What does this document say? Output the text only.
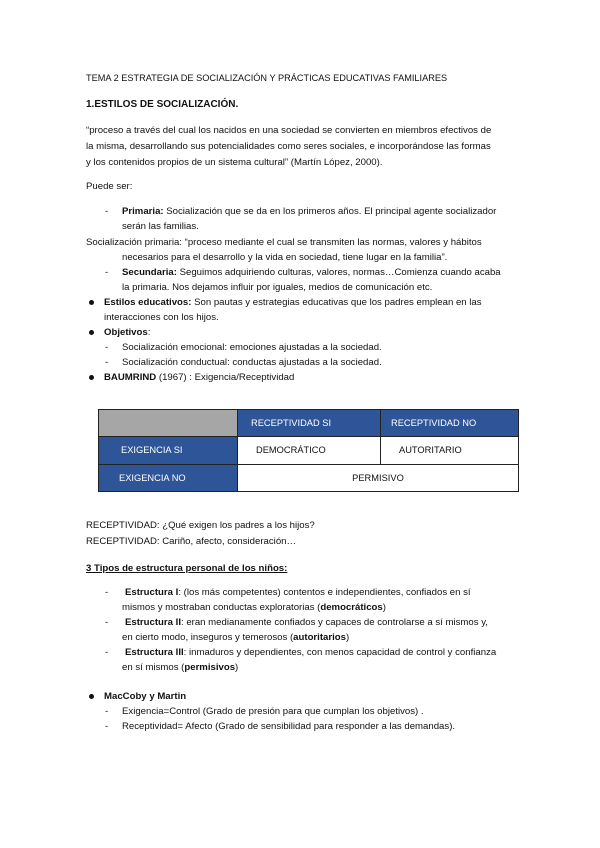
TEMA 2 ESTRATEGIA DE SOCIALIZACIÓN Y PRÁCTICAS EDUCATIVAS FAMILIARES
1.ESTILOS DE SOCIALIZACIÓN.
“proceso a través del cual los nacidos en una sociedad se convierten en miembros efectivos de
la misma, desarrollando sus potencialidades como seres sociales, e incorporándose las formas
y los contenidos propios de un sistema cultural” (Martín López, 2000).
Puede ser:
- Primaria: Socialización que se da en los primeros años. El principal agente socializador
serán las familias.
Socialización primaria: “proceso mediante el cual se transmiten las normas, valores y hábitos
necesarios para el desarrollo y la vida en sociedad, tiene lugar en la familia”.
- Secundaria: Seguimos adquiriendo culturas, valores, normas…Comienza cuando acaba
la primaria. Nos dejamos influir por iguales, medios de comunicación etc.
Estilos educativos: Son pautas y estrategias educativas que los padres emplean en las
interacciones con los hijos.
Objetivos:
- Socialización emocional: emociones ajustadas a la sociedad.
- Socialización conductual: conductas ajustadas a la sociedad.
BAUMRIND (1967) : Exigencia/Receptividad
	RECEPTIVIDAD SI	RECEPTIVIDAD NO
EXIGENCIA SI	DEMOCRÁTICO	AUTORITARIO
EXIGENCIA NO	PERMISIVO	
RECEPTIVIDAD: ¿Qué exigen los padres a los hijos?
RECEPTIVIDAD: Cariño, afecto, consideración…
3 Tipos de estructura personal de los niños:
- Estructura I: (los más competentes) contentos e independientes, confiados en sí
mismos y mostraban conductas exploratorias (democráticos)
- Estructura II: eran medianamente confiados y capaces de controlarse a sí mismos y,
en cierto modo, inseguros y temerosos (autoritarios)
- Estructura III: inmaduros y dependientes, con menos capacidad de control y confianza
en sí mismos (permisivos)
MacCoby y Martin
- Exigencia=Control (Grado de presión para que cumplan los objetivos) .
- Receptividad= Afecto (Grado de sensibilidad para responder a las demandas).
